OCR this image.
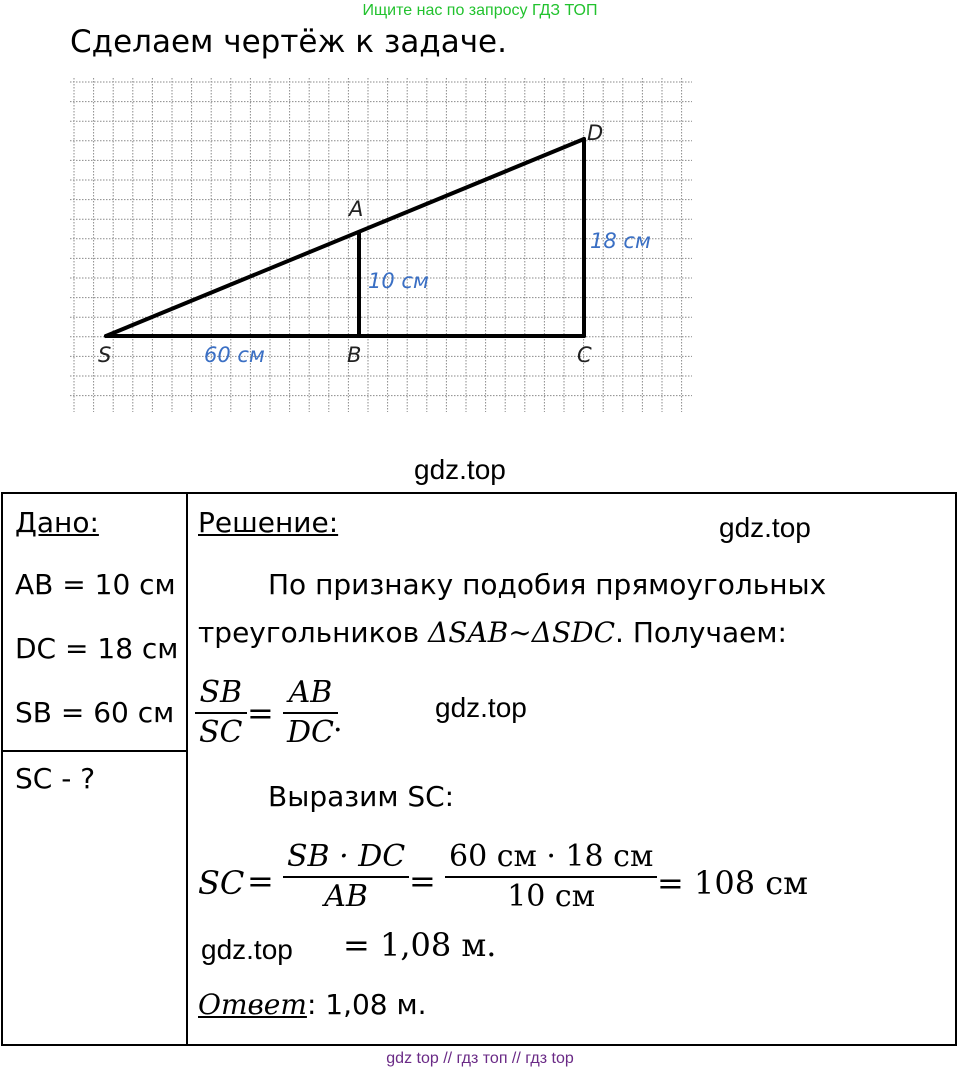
Ищите нас по запросу ГДЗ ТОП
Сделаем чертёж к задаче.
S
A
B	C
D
60 см
10 см
18 см
gdz.top
Дано:
AB = 10 см
DC = 18 см
SB = 60 см
SC - ?
Решение:	gdz.top
По признаку подобия прямоугольных
треугольников ΔSAB∼ΔSDC. Получаем:
SB
SC
=
AB
DC
.	gdz.top
Выразим SC:
SC =
SB · DC
AB =
60 см · 18 см
10 см = 108 см
gdz.top = 1,08 м.
Ответ: 1,08 м.
gdz top // гдз топ // гдз top
